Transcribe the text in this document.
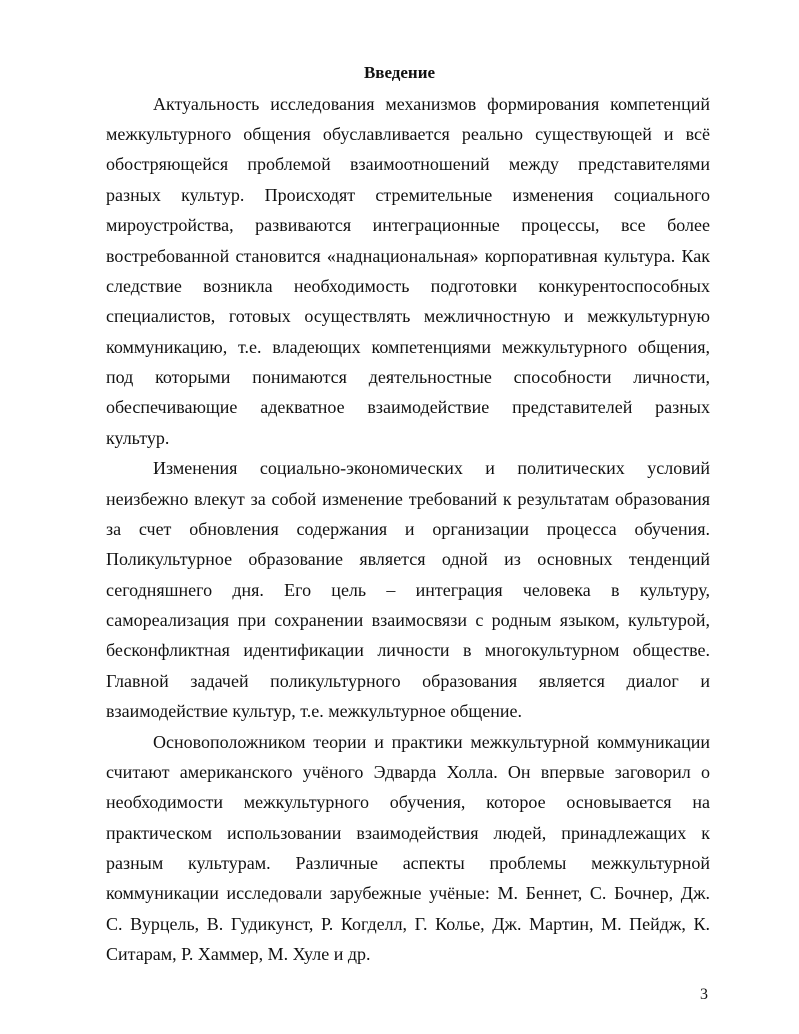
Введение
Актуальность исследования механизмов формирования компетенций
межкультурного общения обуславливается реально существующей и всё
обостряющейся проблемой взаимоотношений между представителями
разных культур. Происходят стремительные изменения социального
мироустройства, развиваются интеграционные процессы, все более
востребованной становится «наднациональная» корпоративная культура. Как
следствие возникла необходимость подготовки конкурентоспособных
специалистов, готовых осуществлять межличностную и межкультурную
коммуникацию, т.е. владеющих компетенциями межкультурного общения,
под которыми понимаются деятельностные способности личности,
обеспечивающие адекватное взаимодействие представителей разных
культур.
Изменения социально-экономических и политических условий
неизбежно влекут за собой изменение требований к результатам образования
за счет обновления содержания и организации процесса обучения.
Поликультурное образование является одной из основных тенденций
сегодняшнего дня. Его цель – интеграция человека в культуру,
самореализация при сохранении взаимосвязи с родным языком, культурой,
бесконфликтная идентификации личности в многокультурном обществе.
Главной задачей поликультурного образования является диалог и
взаимодействие культур, т.е. межкультурное общение.
Основоположником теории и практики межкультурной коммуникации
считают американского учёного Эдварда Холла. Он впервые заговорил о
необходимости межкультурного обучения, которое основывается на
практическом использовании взаимодействия людей, принадлежащих к
разным культурам. Различные аспекты проблемы межкультурной
коммуникации исследовали зарубежные учёные: М. Беннет, С. Бочнер, Дж.
С. Вурцель, В. Гудикунст, Р. Когделл, Г. Колье, Дж. Мартин, М. Пейдж, К.
Ситарам, Р. Хаммер, М. Хуле и др.
3
